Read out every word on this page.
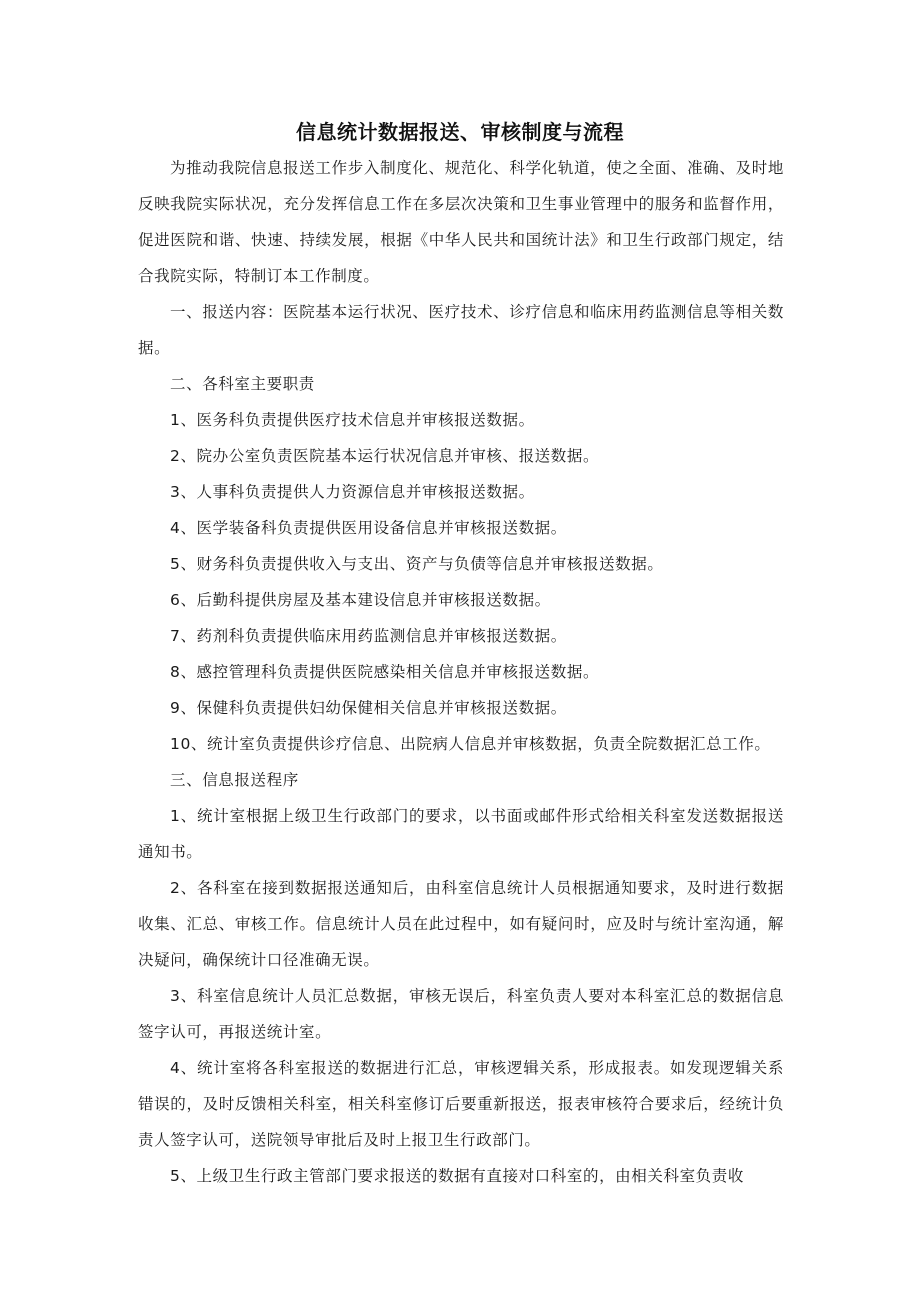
信息统计数据报送、审核制度与流程

为推动我院信息报送工作步入制度化、规范化、科学化轨道，使之全面、准确、及时地反映我院实际状况，充分发挥信息工作在多层次决策和卫生事业管理中的服务和监督作用，促进医院和谐、快速、持续发展，根据《中华人民共和国统计法》和卫生行政部门规定，结合我院实际，特制订本工作制度。

一、报送内容：医院基本运行状况、医疗技术、诊疗信息和临床用药监测信息等相关数据。

二、各科室主要职责

1、医务科负责提供医疗技术信息并审核报送数据。

2、院办公室负责医院基本运行状况信息并审核、报送数据。

3、人事科负责提供人力资源信息并审核报送数据。

4、医学装备科负责提供医用设备信息并审核报送数据。

5、财务科负责提供收入与支出、资产与负债等信息并审核报送数据。

6、后勤科提供房屋及基本建设信息并审核报送数据。

7、药剂科负责提供临床用药监测信息并审核报送数据。

8、感控管理科负责提供医院感染相关信息并审核报送数据。

9、保健科负责提供妇幼保健相关信息并审核报送数据。

10、统计室负责提供诊疗信息、出院病人信息并审核数据，负责全院数据汇总工作。

三、信息报送程序

1、统计室根据上级卫生行政部门的要求，以书面或邮件形式给相关科室发送数据报送通知书。

2、各科室在接到数据报送通知后，由科室信息统计人员根据通知要求，及时进行数据收集、汇总、审核工作。信息统计人员在此过程中，如有疑问时，应及时与统计室沟通，解决疑问，确保统计口径准确无误。

3、科室信息统计人员汇总数据，审核无误后，科室负责人要对本科室汇总的数据信息签字认可，再报送统计室。

4、统计室将各科室报送的数据进行汇总，审核逻辑关系，形成报表。如发现逻辑关系错误的，及时反馈相关科室，相关科室修订后要重新报送，报表审核符合要求后，经统计负责人签字认可，送院领导审批后及时上报卫生行政部门。

5、上级卫生行政主管部门要求报送的数据有直接对口科室的，由相关科室负责收
